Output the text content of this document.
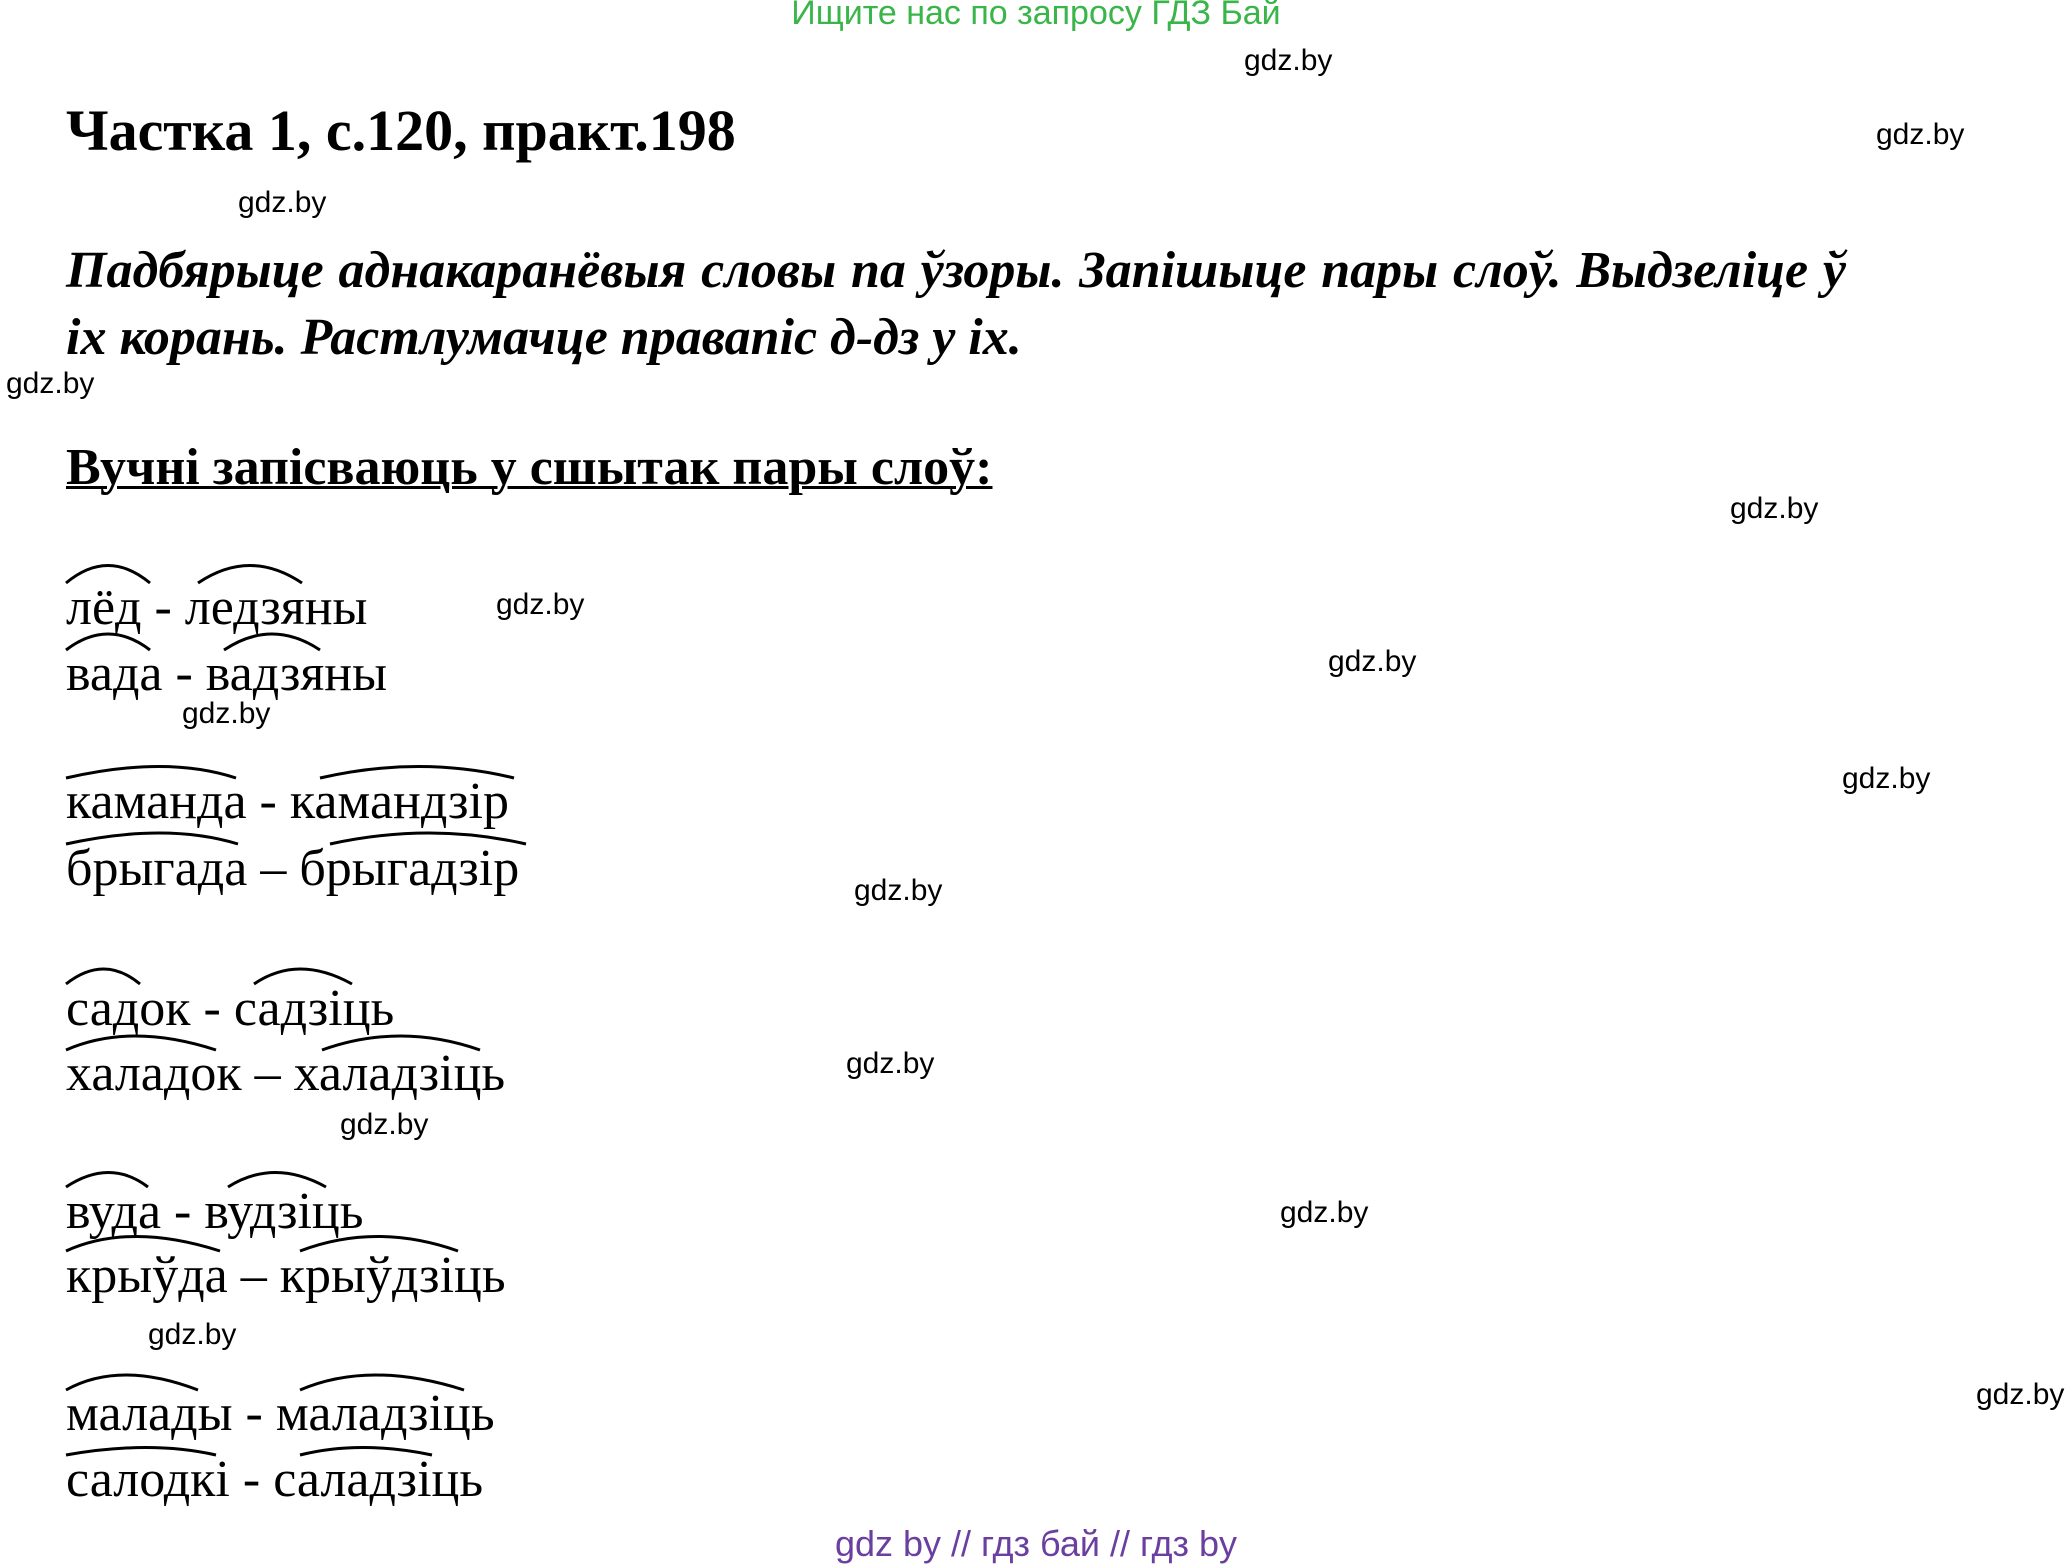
Ищите нас по запросу ГДЗ Бай
Частка 1, с.120, практ.198
Падбярыце аднакаранёвыя словы па ўзоры. Запішыце пары слоў. Выдзеліце ў іх корань. Растлумачце правапіс д-дз у іх.
Вучні запісваюць у сшытак пары слоў:
лёд - ледзяны
вада - вадзяны
каманда - камандзір
брыгада – брыгадзір
садок - садзіць
халадок – халадзіць
вуда - вудзіць
крыўда – крыўдзіць
малады - маладзіць
салодкі - саладзіць
gdz.by
gdz.by
gdz.by
gdz.by
gdz.by
gdz.by
gdz.by
gdz.by
gdz.by
gdz.by
gdz.by
gdz.by
gdz.by
gdz.by
gdz.by
gdz by // гдз бай // гдз by
